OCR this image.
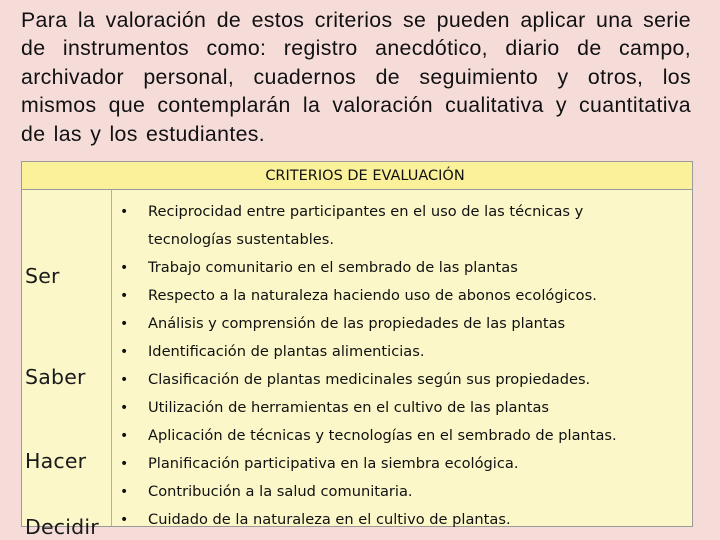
Para la valoración de estos criterios se pueden aplicar una serie de instrumentos como: registro anecdótico, diario de campo, archivador personal, cuadernos de seguimiento y otros, los mismos que contemplarán la valoración cualitativa y cuantitativa de las y los estudiantes.
CRITERIOS DE EVALUACIÓN
Ser
Saber
Hacer
Decidir
• Reciprocidad entre participantes en el uso de las técnicas y tecnologías sustentables.
• Trabajo comunitario en el sembrado de las plantas
• Respecto a la naturaleza haciendo uso de abonos ecológicos.
• Análisis y comprensión de las propiedades de las plantas
• Identificación de plantas alimenticias.
• Clasificación de plantas medicinales según sus propiedades.
• Utilización de herramientas en el cultivo de las plantas
• Aplicación de técnicas y tecnologías en el sembrado de plantas.
• Planificación participativa en la siembra ecológica.
• Contribución a la salud comunitaria.
• Cuidado de la naturaleza en el cultivo de plantas.
